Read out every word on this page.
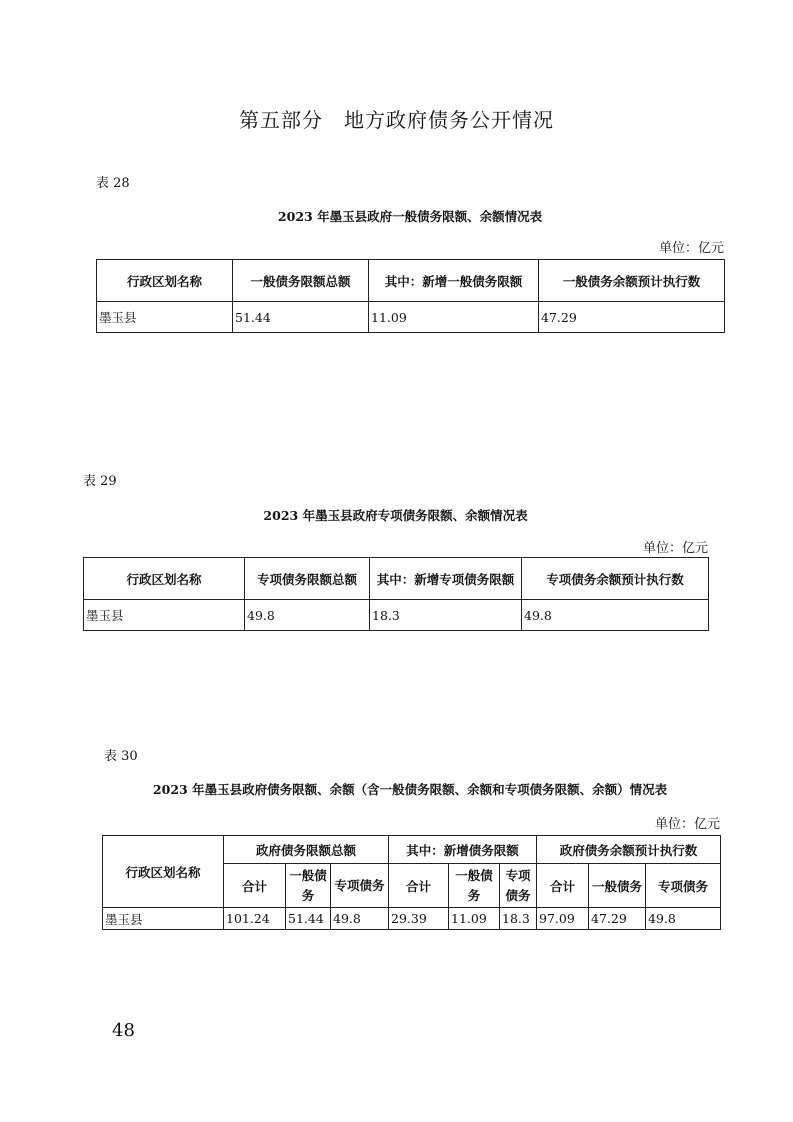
第五部分　地方政府债务公开情况
表 28
2023 年墨玉县政府一般债务限额、余额情况表
单位：亿元
行政区划名称	一般债务限额总额	其中：新增一般债务限额	一般债务余额预计执行数
墨玉县	51.44	11.09	47.29
表 29
2023 年墨玉县政府专项债务限额、余额情况表
单位：亿元
行政区划名称	专项债务限额总额	其中：新增专项债务限额	专项债务余额预计执行数
墨玉县	49.8	18.3	49.8
表 30
2023 年墨玉县政府债务限额、余额（含一般债务限额、余额和专项债务限额、余额）情况表
单位：亿元
行政区划名称	政府债务限额总额			其中：新增债务限额			政府债务余额预计执行数		
	合计	一般债务	专项债务	合计	一般债务	专项债务	合计	一般债务	专项债务
墨玉县	101.24	51.44	49.8	29.39	11.09	18.3	97.09	47.29	49.8
48
